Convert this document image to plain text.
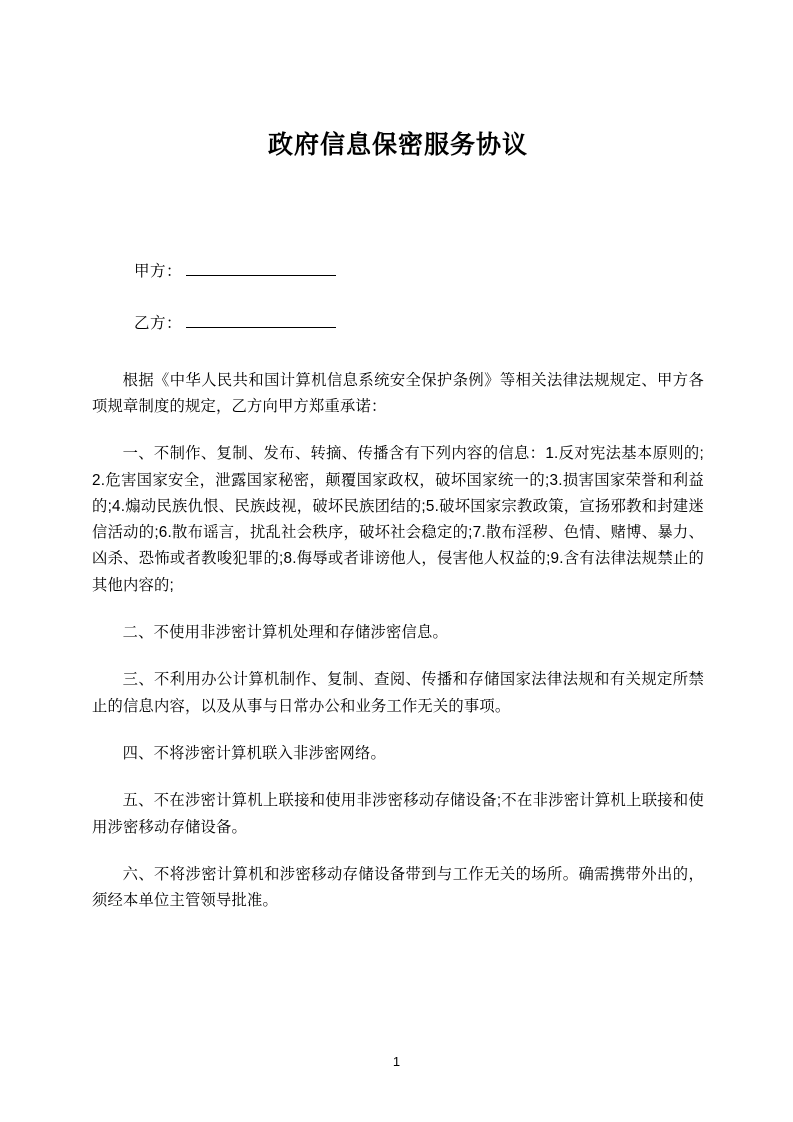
政府信息保密服务协议
甲方：
乙方：

根据《中华人民共和国计算机信息系统安全保护条例》等相关法律法规规定、甲方各项规章制度的规定，乙方向甲方郑重承诺：

一、不制作、复制、发布、转摘、传播含有下列内容的信息：1.反对宪法基本原则的;2.危害国家安全，泄露国家秘密，颠覆国家政权，破坏国家统一的;3.损害国家荣誉和利益的;4.煽动民族仇恨、民族歧视，破坏民族团结的;5.破坏国家宗教政策，宣扬邪教和封建迷信活动的;6.散布谣言，扰乱社会秩序，破坏社会稳定的;7.散布淫秽、色情、赌博、暴力、凶杀、恐怖或者教唆犯罪的;8.侮辱或者诽谤他人，侵害他人权益的;9.含有法律法规禁止的其他内容的;

二、不使用非涉密计算机处理和存储涉密信息。

三、不利用办公计算机制作、复制、查阅、传播和存储国家法律法规和有关规定所禁止的信息内容，以及从事与日常办公和业务工作无关的事项。

四、不将涉密计算机联入非涉密网络。

五、不在涉密计算机上联接和使用非涉密移动存储设备;不在非涉密计算机上联接和使用涉密移动存储设备。

六、不将涉密计算机和涉密移动存储设备带到与工作无关的场所。确需携带外出的，须经本单位主管领导批准。

1
